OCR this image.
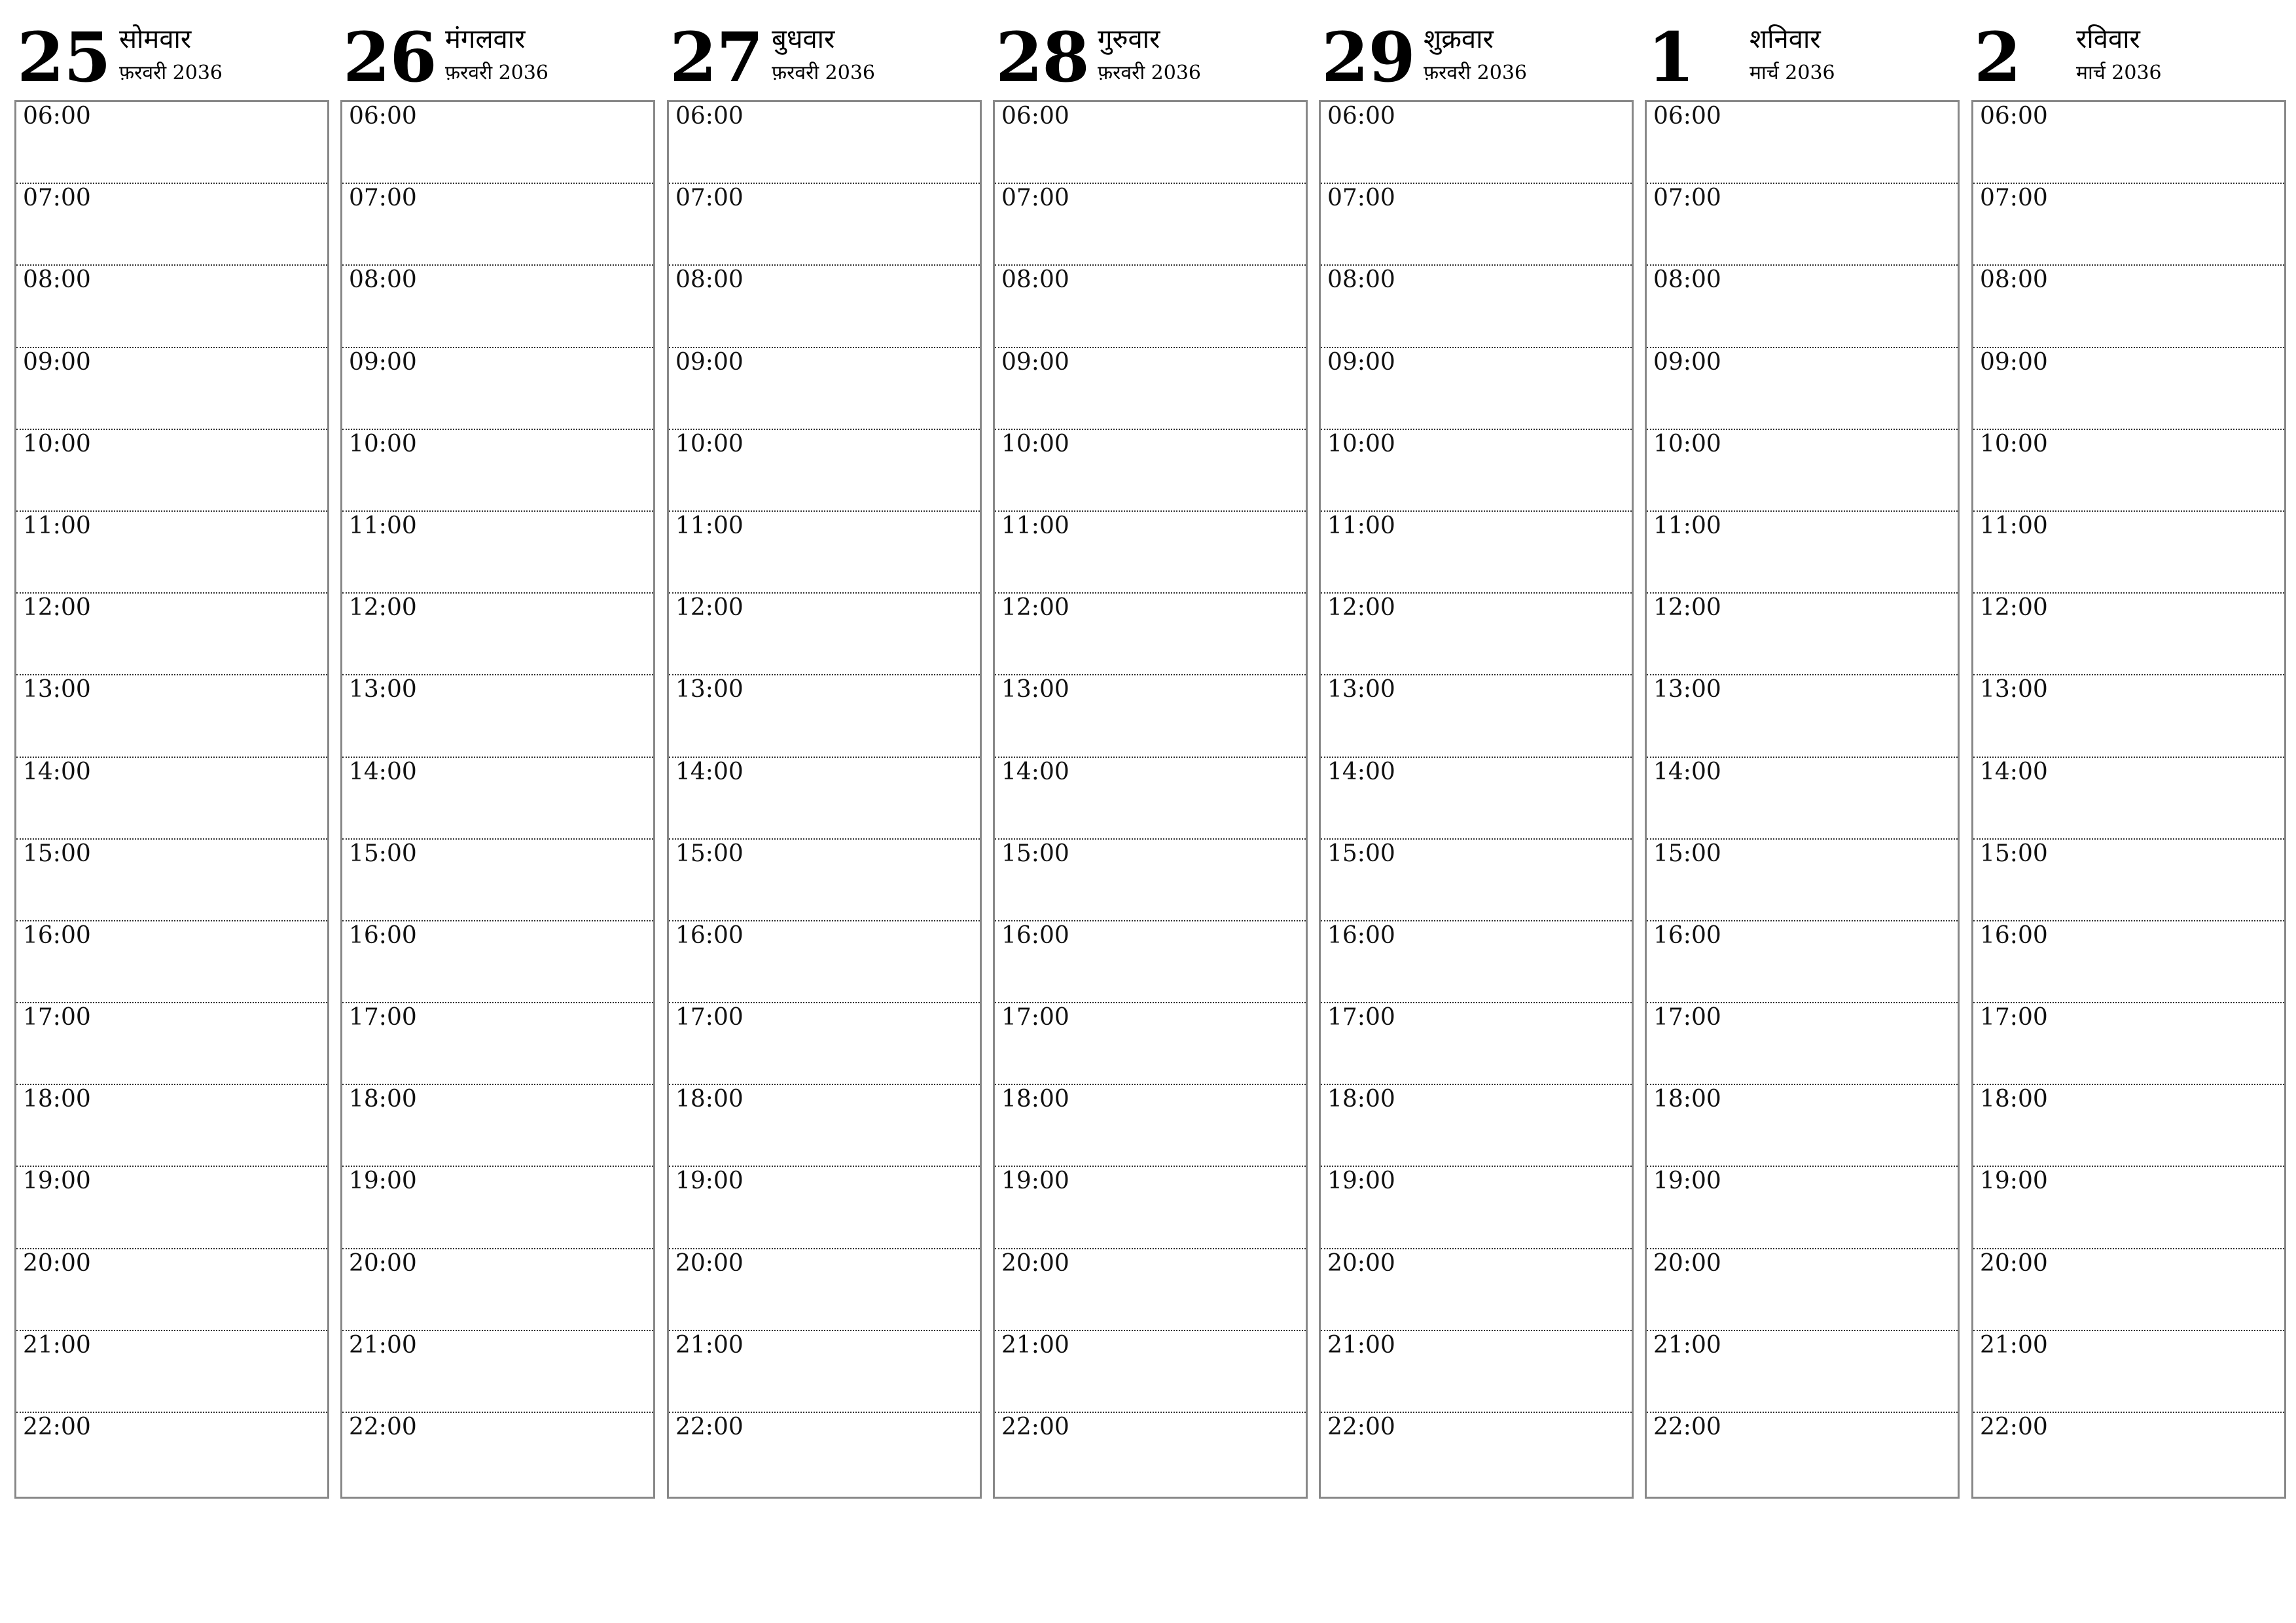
25 सोमवार
फ़रवरी 2036
06:00
07:00
08:00
09:00
10:00
11:00
12:00
13:00
14:00
15:00
16:00
17:00
18:00
19:00
20:00
21:00
22:00
26 मंगलवार
फ़रवरी 2036
06:00
07:00
08:00
09:00
10:00
11:00
12:00
13:00
14:00
15:00
16:00
17:00
18:00
19:00
20:00
21:00
22:00
27 बुधवार
फ़रवरी 2036
06:00
07:00
08:00
09:00
10:00
11:00
12:00
13:00
14:00
15:00
16:00
17:00
18:00
19:00
20:00
21:00
22:00
28 गुरुवार
फ़रवरी 2036
06:00
07:00
08:00
09:00
10:00
11:00
12:00
13:00
14:00
15:00
16:00
17:00
18:00
19:00
20:00
21:00
22:00
29 शुक्रवार
फ़रवरी 2036
06:00
07:00
08:00
09:00
10:00
11:00
12:00
13:00
14:00
15:00
16:00
17:00
18:00
19:00
20:00
21:00
22:00
1 शनिवार
मार्च 2036
06:00
07:00
08:00
09:00
10:00
11:00
12:00
13:00
14:00
15:00
16:00
17:00
18:00
19:00
20:00
21:00
22:00
2 रविवार
मार्च 2036
06:00
07:00
08:00
09:00
10:00
11:00
12:00
13:00
14:00
15:00
16:00
17:00
18:00
19:00
20:00
21:00
22:00
